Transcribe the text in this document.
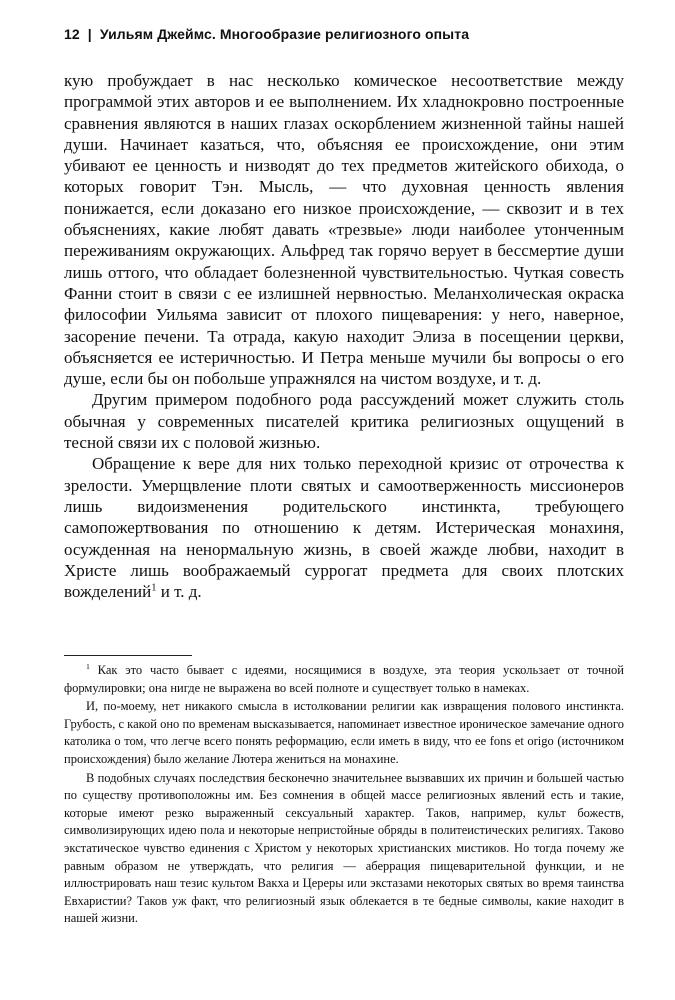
12 | Уильям Джеймс. Многообразие религиозного опыта

кую пробуждает в нас несколько комическое несоответствие между программой этих авторов и ее выполнением. Их хладнокровно построенные сравнения являются в наших глазах оскорблением жизненной тайны нашей души. Начинает казаться, что, объясняя ее происхождение, они этим убивают ее ценность и низводят до тех предметов житейского обихода, о которых говорит Тэн. Мысль, — что духовная ценность явления понижается, если доказано его низкое происхождение, — сквозит и в тех объяснениях, какие любят давать «трезвые» люди наиболее утонченным переживаниям окружающих. Альфред так горячо верует в бессмертие души лишь оттого, что обладает болезненной чувствительностью. Чуткая совесть Фанни стоит в связи с ее излишней нервностью. Меланхолическая окраска философии Уильяма зависит от плохого пищеварения: у него, наверное, засорение печени. Та отрада, какую находит Элиза в посещении церкви, объясняется ее истеричностью. И Петра меньше мучили бы вопросы о его душе, если бы он побольше упражнялся на чистом воздухе, и т. д.

Другим примером подобного рода рассуждений может служить столь обычная у современных писателей критика религиозных ощущений в тесной связи их с половой жизнью.

Обращение к вере для них только переходной кризис от отрочества к зрелости. Умерщвление плоти святых и самоотверженность миссионеров лишь видоизменения родительского инстинкта, требующего самопожертвования по отношению к детям. Истерическая монахиня, осужденная на ненормальную жизнь, в своей жажде любви, находит в Христе лишь воображаемый суррогат предмета для своих плотских вожделений$^1$ и т. д.

$^1$ Как это часто бывает с идеями, носящимися в воздухе, эта теория ускользает от точной формулировки; она нигде не выражена во всей полноте и существует только в намеках.

И, по-моему, нет никакого смысла в истолковании религии как извращения полового инстинкта. Грубость, с какой оно по временам высказывается, напоминает известное ироническое замечание одного католика о том, что легче всего понять реформацию, если иметь в виду, что ее fons et origo (источником происхождения) было желание Лютера жениться на монахине.

В подобных случаях последствия бесконечно значительнее вызвавших их причин и большей частью по существу противоположны им. Без сомнения в общей массе религиозных явлений есть и такие, которые имеют резко выраженный сексуальный характер. Таков, например, культ божеств, символизирующих идею пола и некоторые непристойные обряды в политеистических религиях. Таково экстатическое чувство единения с Христом у некоторых христианских мистиков. Но тогда почему же равным образом не утверждать, что религия — аберрация пищеварительной функции, и не иллюстрировать наш тезис культом Вакха и Цереры или экстазами некоторых святых во время таинства Евхаристии? Таков уж факт, что религиозный язык облекается в те бедные символы, какие находит в нашей жизни.
